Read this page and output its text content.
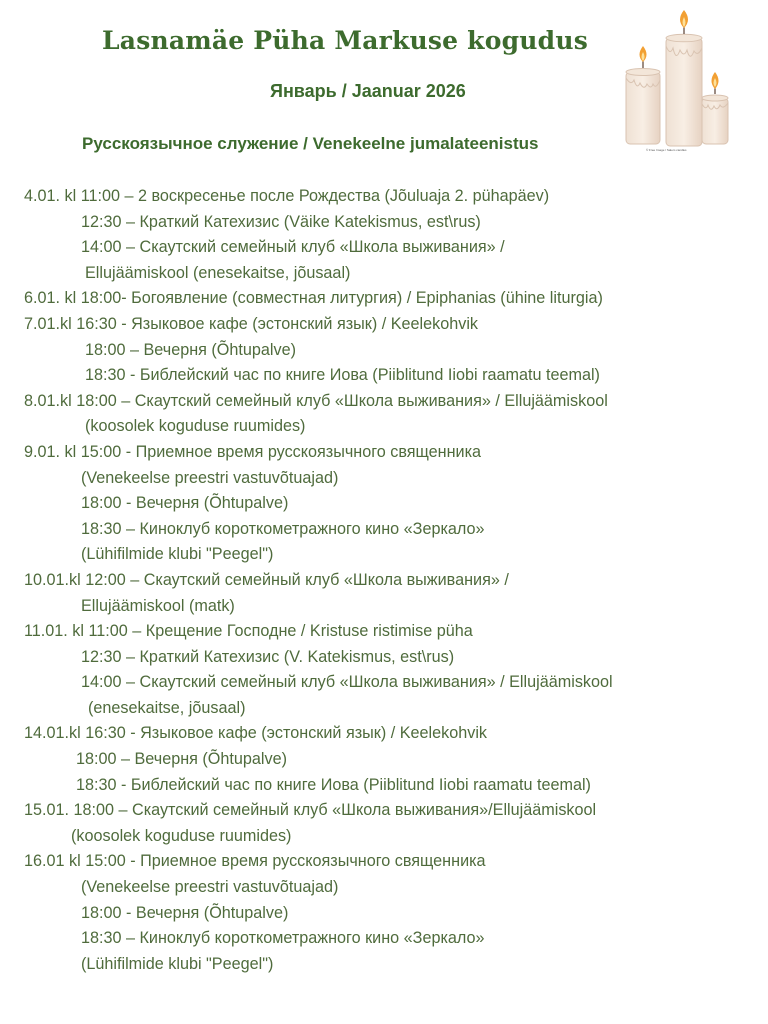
Lasnamäe Püha Markuse kogudus
Январь / Jaanuar 2026
Русскоязычное служение / Venekeelne jumalateenistus	© Free Image / Salem candles
4.01. kl 11:00 – 2 воскресенье после Рождества (Jõuluaja 2. pühapäev)
12:30 – Краткий Катехизис (Väike Katekismus, est\rus)
14:00 – Скаутский семейный клуб «Школа выживания» /
Ellujäämiskool (enesekaitse, jõusaal)
6.01. kl 18:00- Богоявление (совместная литургия) / Epiphanias (ühine liturgia)
7.01.kl 16:30 - Языковое кафе (эстонский язык) / Keelekohvik
18:00 – Вечерня (Õhtupalve)
18:30 - Библейский час по книге Иова (Piiblitund Iiobi raamatu teemal)
8.01.kl 18:00 – Скаутский семейный клуб «Школа выживания» / Ellujäämiskool
(koosolek koguduse ruumides)
9.01. kl 15:00 - Приемное время русскоязычного священника
(Venekeelse preestri vastuvõtuajad)
18:00 - Вечерня (Õhtupalve)
18:30 – Киноклуб короткометражного кино «Зеркало»
(Lühifilmide klubi "Peegel")
10.01.kl 12:00 – Скаутский семейный клуб «Школа выживания» /
Ellujäämiskool (matk)
11.01. kl 11:00 – Крещение Господне / Kristuse ristimise püha
12:30 – Краткий Катехизис (V. Katekismus, est\rus)
14:00 – Скаутский семейный клуб «Школа выживания» / Ellujäämiskool
(enesekaitse, jõusaal)
14.01.kl 16:30 - Языковое кафе (эстонский язык) / Keelekohvik
18:00 – Вечерня (Õhtupalve)
18:30 - Библейский час по книге Иова (Piiblitund Iiobi raamatu teemal)
15.01. 18:00 – Скаутский семейный клуб «Школа выживания»/Ellujäämiskool
(koosolek koguduse ruumides)
16.01 kl 15:00 - Приемное время русскоязычного священника
(Venekeelse preestri vastuvõtuajad)
18:00 - Вечерня (Õhtupalve)
18:30 – Киноклуб короткометражного кино «Зеркало»
(Lühifilmide klubi "Peegel")
